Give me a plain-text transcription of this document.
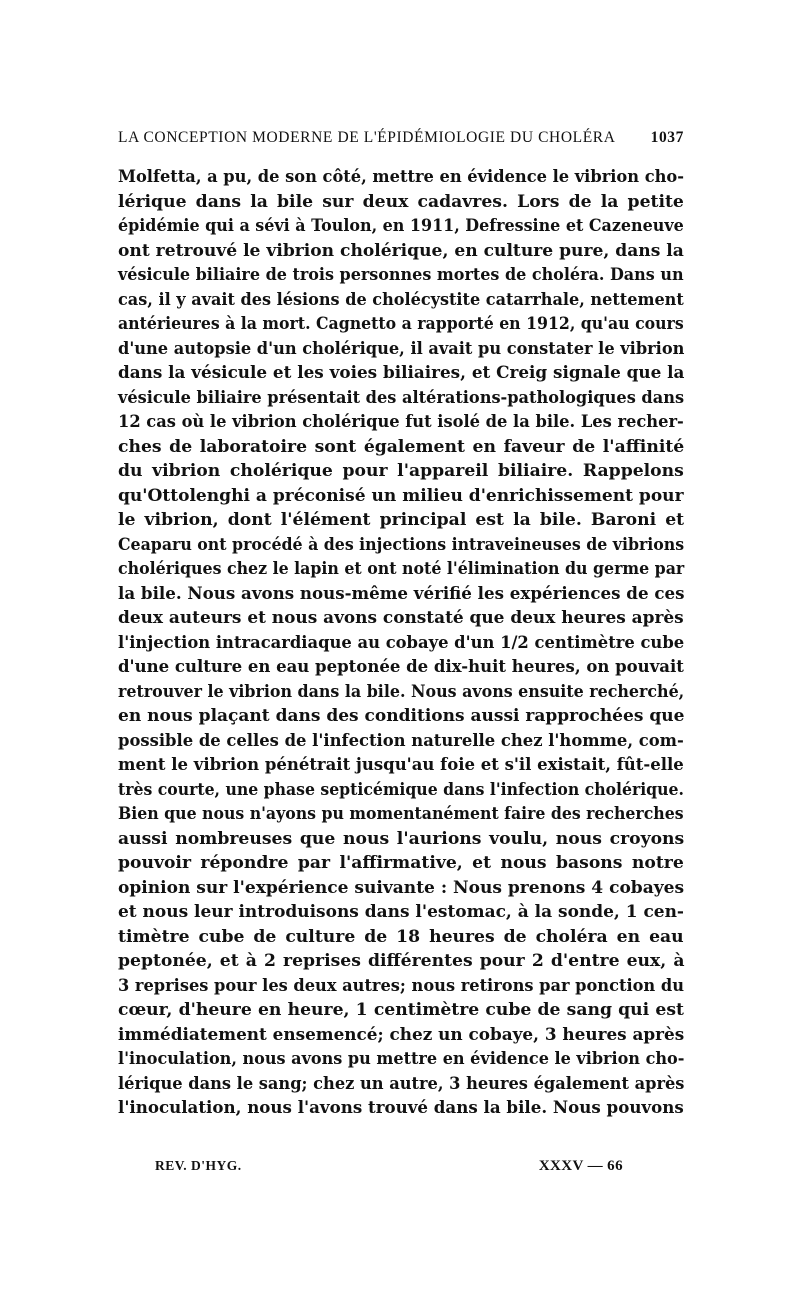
LA CONCEPTION MODERNE DE L'ÉPIDÉMIOLOGIE DU CHOLÉRA 1037
Molfetta, a pu, de son côté, mettre en évidence le vibrion cho-
lérique dans la bile sur deux cadavres. Lors de la petite
épidémie qui a sévi à Toulon, en 1911, Defressine et Cazeneuve
ont retrouvé le vibrion cholérique, en culture pure, dans la
vésicule biliaire de trois personnes mortes de choléra. Dans un
cas, il y avait des lésions de cholécystite catarrhale, nettement
antérieures à la mort. Cagnetto a rapporté en 1912, qu'au cours
d'une autopsie d'un cholérique, il avait pu constater le vibrion
dans la vésicule et les voies biliaires, et Creig signale que la
vésicule biliaire présentait des altérations-pathologiques dans
12 cas où le vibrion cholérique fut isolé de la bile. Les recher-
ches de laboratoire sont également en faveur de l'affinité
du vibrion cholérique pour l'appareil biliaire. Rappelons
qu'Ottolenghi a préconisé un milieu d'enrichissement pour
le vibrion, dont l'élément principal est la bile. Baroni et
Ceaparu ont procédé à des injections intraveineuses de vibrions
cholériques chez le lapin et ont noté l'élimination du germe par
la bile. Nous avons nous-même vérifié les expériences de ces
deux auteurs et nous avons constaté que deux heures après
l'injection intracardiaque au cobaye d'un 1/2 centimètre cube
d'une culture en eau peptonée de dix-huit heures, on pouvait
retrouver le vibrion dans la bile. Nous avons ensuite recherché,
en nous plaçant dans des conditions aussi rapprochées que
possible de celles de l'infection naturelle chez l'homme, com-
ment le vibrion pénétrait jusqu'au foie et s'il existait, fût-elle
très courte, une phase septicémique dans l'infection cholérique.
Bien que nous n'ayons pu momentanément faire des recherches
aussi nombreuses que nous l'aurions voulu, nous croyons
pouvoir répondre par l'affirmative, et nous basons notre
opinion sur l'expérience suivante : Nous prenons 4 cobayes
et nous leur introduisons dans l'estomac, à la sonde, 1 cen-
timètre cube de culture de 18 heures de choléra en eau
peptonée, et à 2 reprises différentes pour 2 d'entre eux, à
3 reprises pour les deux autres; nous retirons par ponction du
cœur, d'heure en heure, 1 centimètre cube de sang qui est
immédiatement ensemencé; chez un cobaye, 3 heures après
l'inoculation, nous avons pu mettre en évidence le vibrion cho-
lérique dans le sang; chez un autre, 3 heures également après
l'inoculation, nous l'avons trouvé dans la bile. Nous pouvons
REV. D'HYG.	XXXV — 66
